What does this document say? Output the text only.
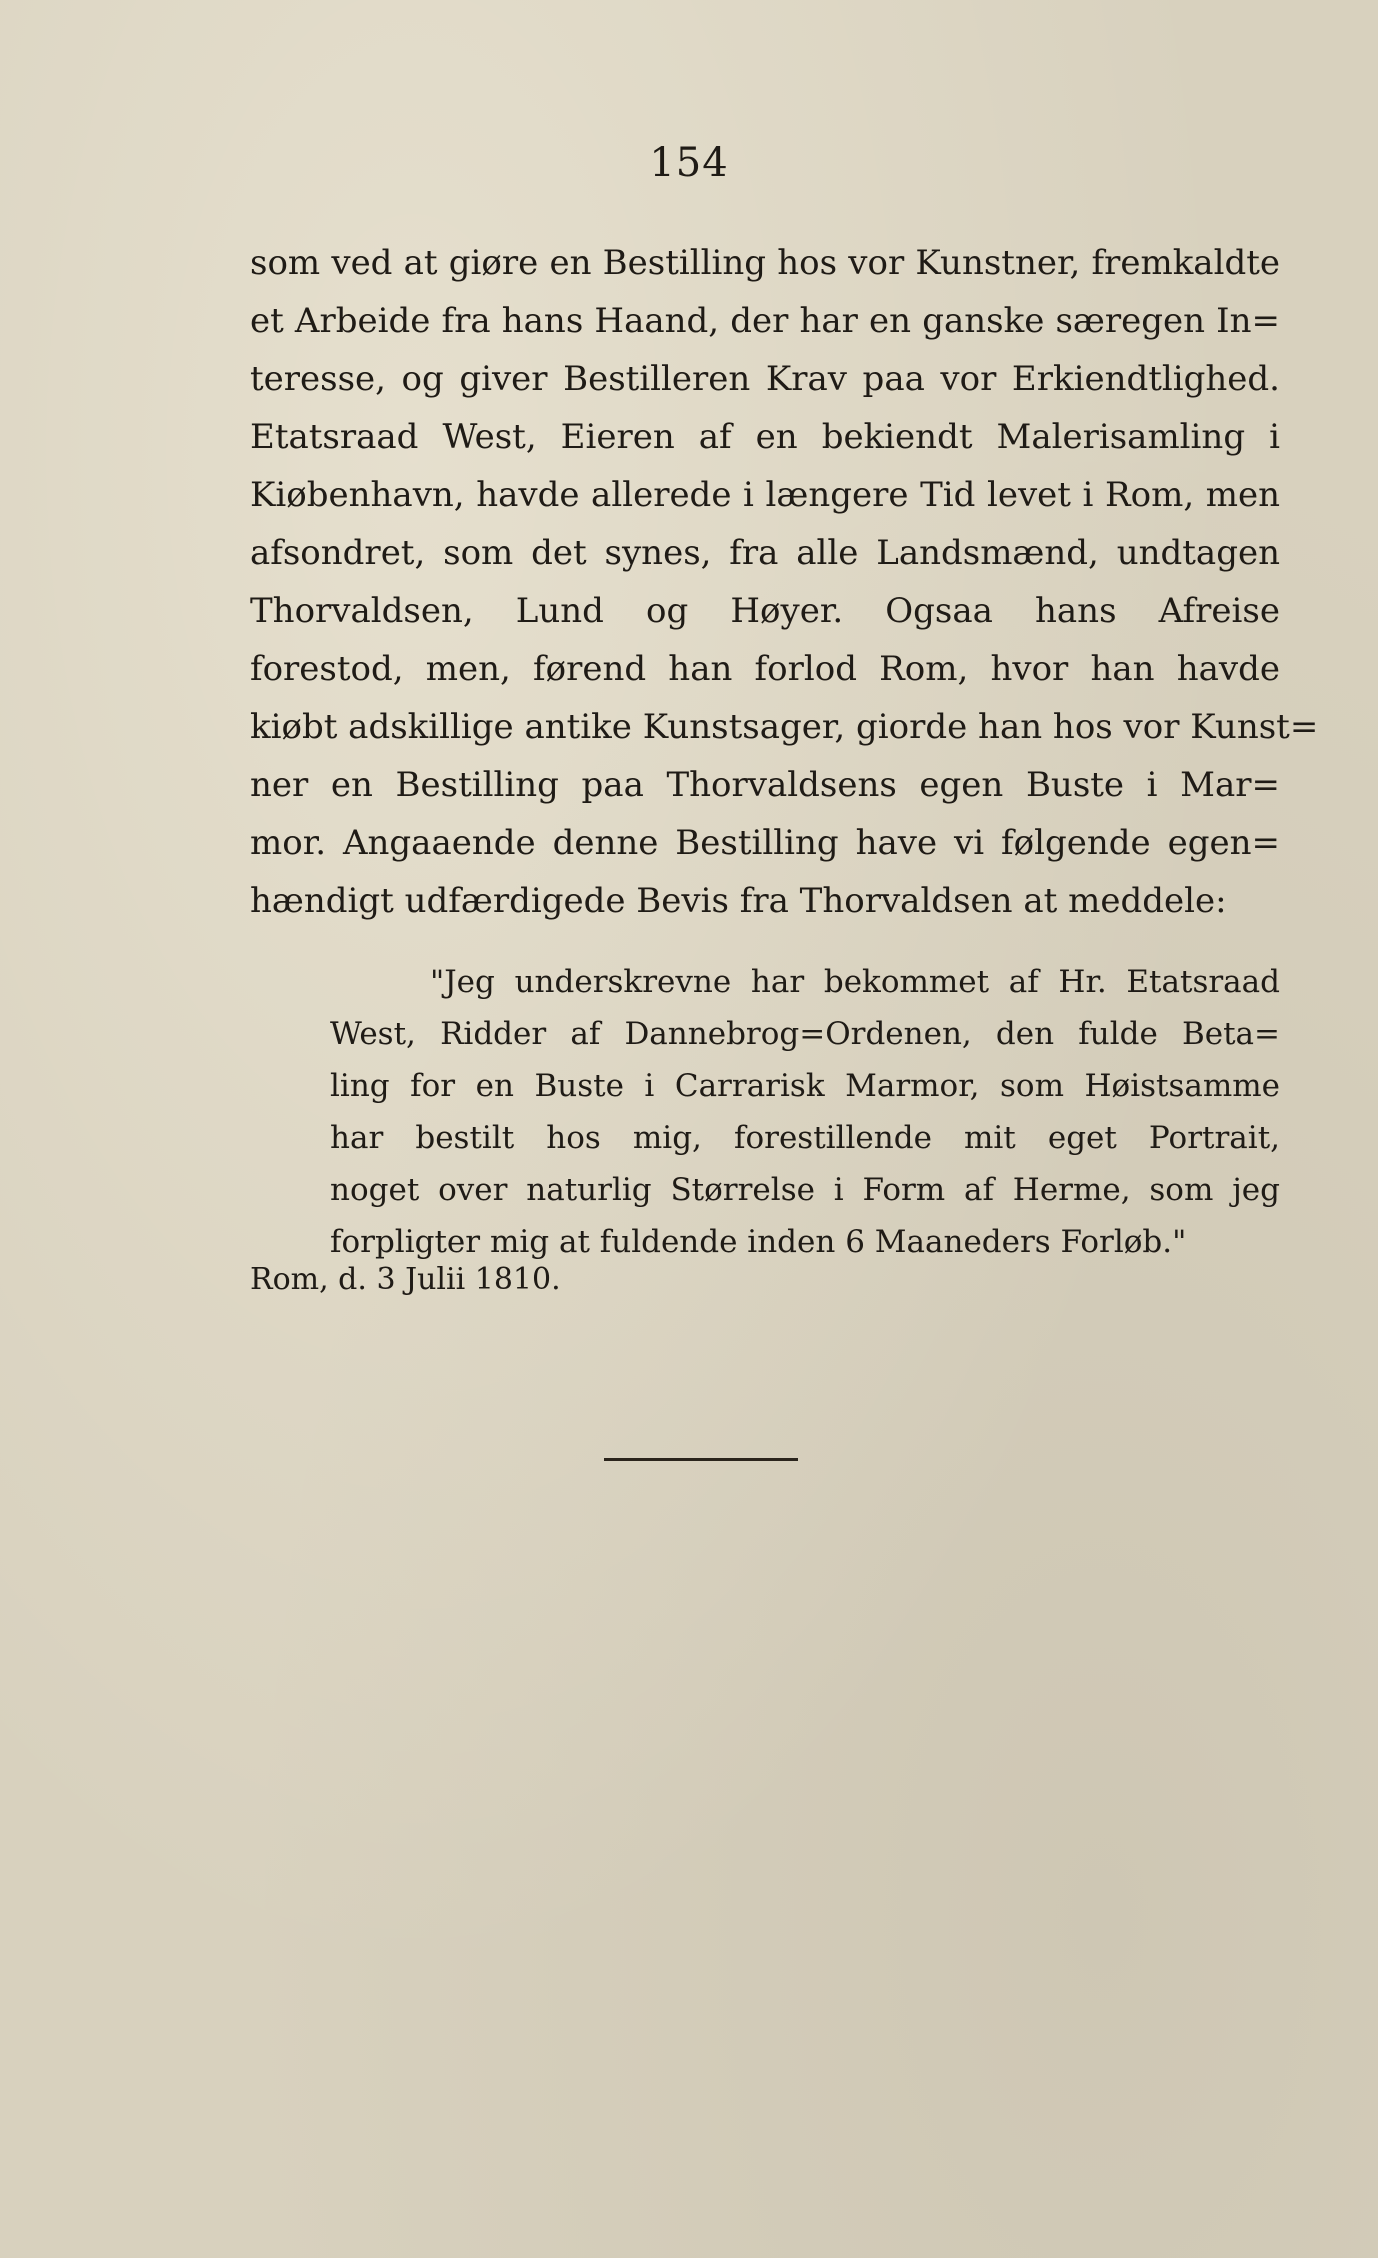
154
som ved at giøre en Bestilling hos vor Kunstner, fremkaldte
et Arbeide fra hans Haand, der har en ganske særegen In=
teresse, og giver Bestilleren Krav paa vor Erkiendtlighed.
Etatsraad West, Eieren af en bekiendt Malerisamling i
Kiøbenhavn, havde allerede i længere Tid levet i Rom, men
afsondret, som det synes, fra alle Landsmænd, undtagen
Thorvaldsen, Lund og Høyer. Ogsaa hans Afreise
forestod, men, førend han forlod Rom, hvor han havde
kiøbt adskillige antike Kunstsager, giorde han hos vor Kunst=
ner en Bestilling paa Thorvaldsens egen Buste i Mar=
mor. Angaaende denne Bestilling have vi følgende egen=
hændigt udfærdigede Bevis fra Thorvaldsen at meddele:
"Jeg underskrevne har bekommet af Hr. Etatsraad
West, Ridder af Dannebrog=Ordenen, den fulde Beta=
ling for en Buste i Carrarisk Marmor, som Høistsamme
har bestilt hos mig, forestillende mit eget Portrait,
noget over naturlig Størrelse i Form af Herme, som jeg
forpligter mig at fuldende inden 6 Maaneders Forløb."
Rom, d. 3 Julii 1810.
